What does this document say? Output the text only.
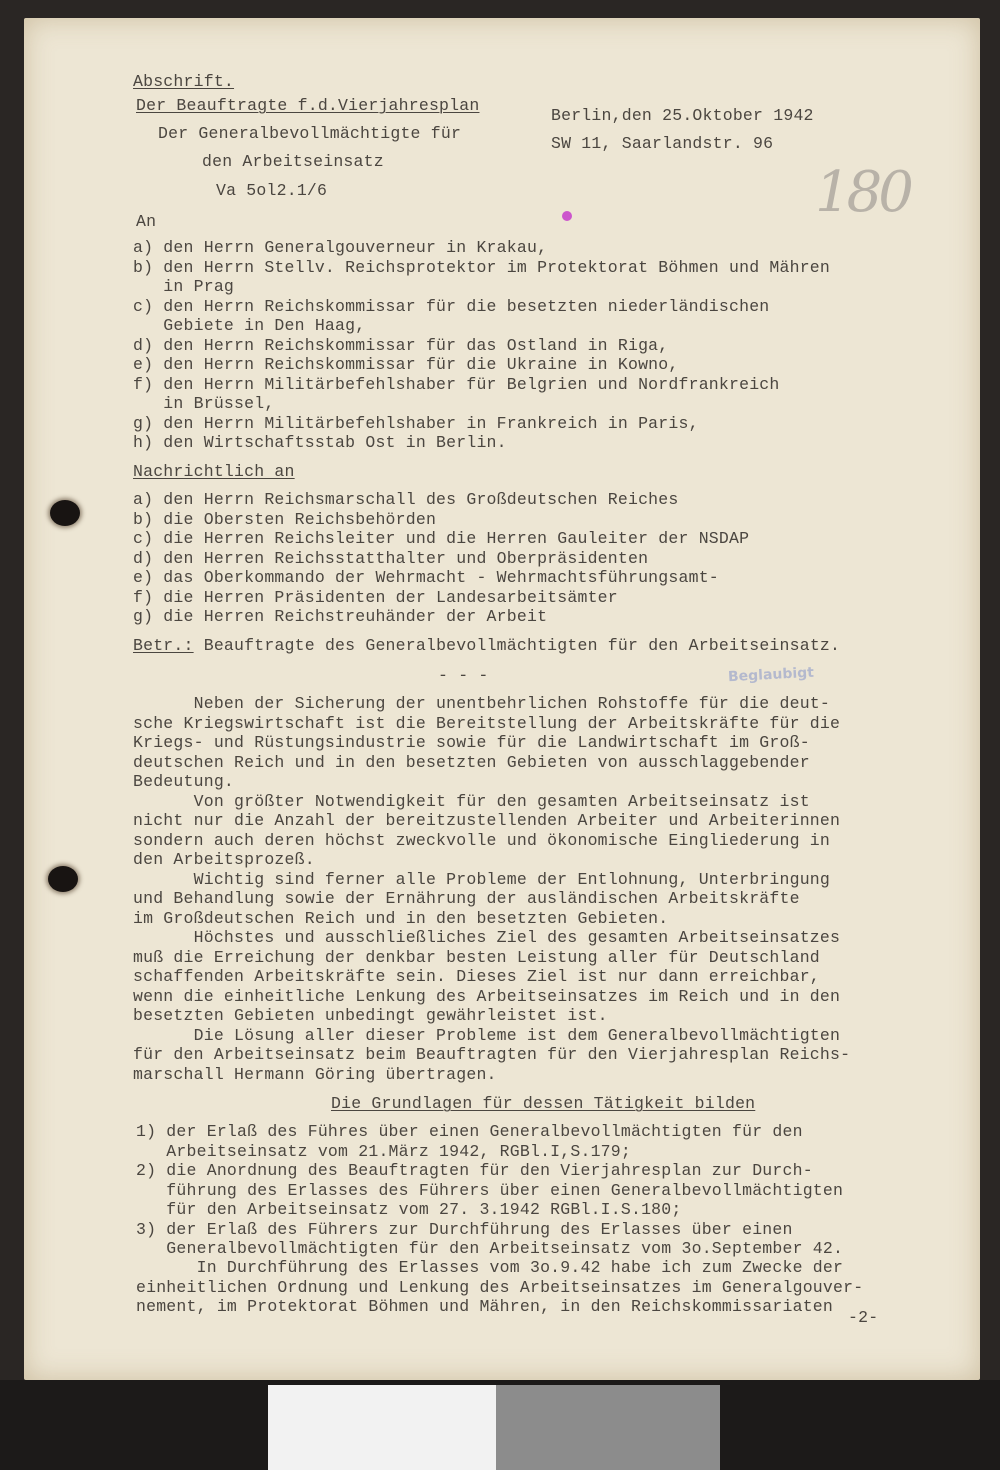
180
Beglaubigt
Abschrift.
Der Beauftragte f.d.Vierjahresplan
Der Generalbevollmächtigte für
den Arbeitseinsatz
Va 5ol2.1/6
Berlin,den 25.Oktober 1942
SW 11, Saarlandstr. 96
An
a) den Herrn Generalgouverneur in Krakau,
b) den Herrn Stellv. Reichsprotektor im Protektorat Böhmen und Mähren
in Prag
c) den Herrn Reichskommissar für die besetzten niederländischen
Gebiete in Den Haag,
d) den Herrn Reichskommissar für das Ostland in Riga,
e) den Herrn Reichskommissar für die Ukraine in Kowno,
f) den Herrn Militärbefehlshaber für Belgrien und Nordfrankreich
in Brüssel,
g) den Herrn Militärbefehlshaber in Frankreich in Paris,
h) den Wirtschaftsstab Ost in Berlin.
Nachrichtlich an
a) den Herrn Reichsmarschall des Großdeutschen Reiches
b) die Obersten Reichsbehörden
c) die Herren Reichsleiter und die Herren Gauleiter der NSDAP
d) den Herren Reichsstatthalter und Oberpräsidenten
e) das Oberkommando der Wehrmacht - Wehrmachtsführungsamt-
f) die Herren Präsidenten der Landesarbeitsämter
g) die Herren Reichstreuhänder der Arbeit
Betr.: Beauftragte des Generalbevollmächtigten für den Arbeitseinsatz.
- - -
Neben der Sicherung der unentbehrlichen Rohstoffe für die deut-
sche Kriegswirtschaft ist die Bereitstellung der Arbeitskräfte für die
Kriegs- und Rüstungsindustrie sowie für die Landwirtschaft im Groß-
deutschen Reich und in den besetzten Gebieten von ausschlaggebender
Bedeutung.
Von größter Notwendigkeit für den gesamten Arbeitseinsatz ist
nicht nur die Anzahl der bereitzustellenden Arbeiter und Arbeiterinnen
sondern auch deren höchst zweckvolle und ökonomische Eingliederung in
den Arbeitsprozeß.
Wichtig sind ferner alle Probleme der Entlohnung, Unterbringung
und Behandlung sowie der Ernährung der ausländischen Arbeitskräfte
im Großdeutschen Reich und in den besetzten Gebieten.
Höchstes und ausschließliches Ziel des gesamten Arbeitseinsatzes
muß die Erreichung der denkbar besten Leistung aller für Deutschland
schaffenden Arbeitskräfte sein. Dieses Ziel ist nur dann erreichbar,
wenn die einheitliche Lenkung des Arbeitseinsatzes im Reich und in den
besetzten Gebieten unbedingt gewährleistet ist.
Die Lösung aller dieser Probleme ist dem Generalbevollmächtigten
für den Arbeitseinsatz beim Beauftragten für den Vierjahresplan Reichs-
marschall Hermann Göring übertragen.
Die Grundlagen für dessen Tätigkeit bilden
1) der Erlaß des Führes über einen Generalbevollmächtigten für den
Arbeitseinsatz vom 21.März 1942, RGBl.I,S.179;
2) die Anordnung des Beauftragten für den Vierjahresplan zur Durch-
führung des Erlasses des Führers über einen Generalbevollmächtigten
für den Arbeitseinsatz vom 27. 3.1942 RGBl.I.S.180;
3) der Erlaß des Führers zur Durchführung des Erlasses über einen
Generalbevollmächtigten für den Arbeitseinsatz vom 3o.September 42.
In Durchführung des Erlasses vom 3o.9.42 habe ich zum Zwecke der
einheitlichen Ordnung und Lenkung des Arbeitseinsatzes im Generalgouver-
nement, im Protektorat Böhmen und Mähren, in den Reichskommissariaten
-2-
